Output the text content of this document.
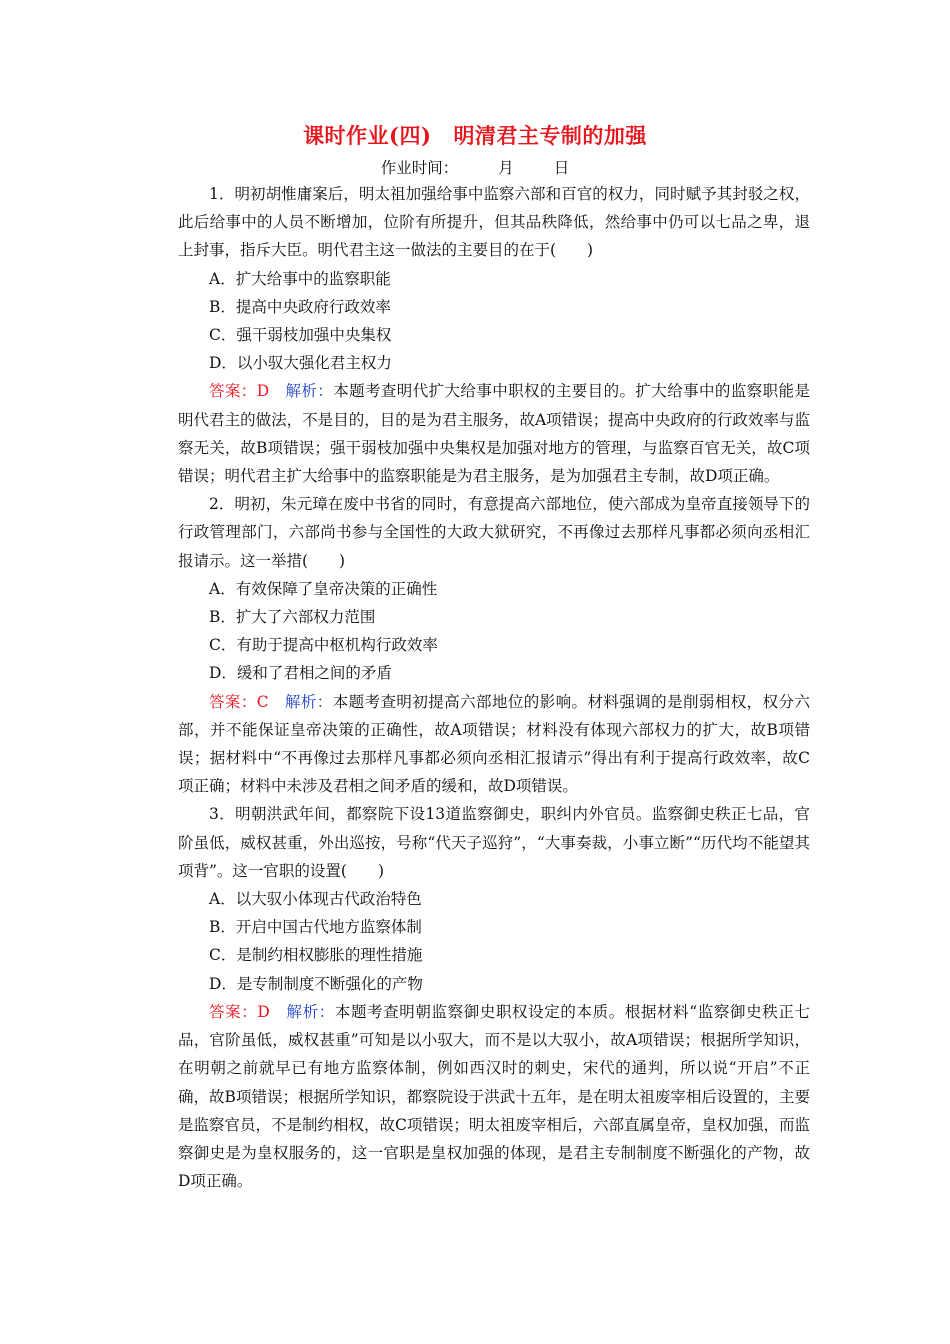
课时作业(四) 明清君主专制的加强
作业时间：	月	日

1．明初胡惟庸案后，明太祖加强给事中监察六部和百官的权力，同时赋予其封驳之权，此后给事中的人员不断增加，位阶有所提升，但其品秩降低，然给事中仍可以七品之卑，退上封事，指斥大臣。明代君主这一做法的主要目的在于(　　)

A．扩大给事中的监察职能

B．提高中央政府行政效率

C．强干弱枝加强中央集权

D．以小驭大强化君主权力

答案：D　 解析：本题考查明代扩大给事中职权的主要目的。扩大给事中的监察职能是明代君主的做法，不是目的，目的是为君主服务，故A项错误；提高中央政府的行政效率与监察无关，故B项错误；强干弱枝加强中央集权是加强对地方的管理，与监察百官无关，故C项错误；明代君主扩大给事中的监察职能是为君主服务，是为加强君主专制，故D项正确。

2．明初，朱元璋在废中书省的同时，有意提高六部地位，使六部成为皇帝直接领导下的行政管理部门，六部尚书参与全国性的大政大狱研究，不再像过去那样凡事都必须向丞相汇报请示。这一举措(　　)

A．有效保障了皇帝决策的正确性

B．扩大了六部权力范围

C．有助于提高中枢机构行政效率

D．缓和了君相之间的矛盾

答案：C　 解析：本题考查明初提高六部地位的影响。材料强调的是削弱相权，权分六部，并不能保证皇帝决策的正确性，故A项错误；材料没有体现六部权力的扩大，故B项错误；据材料中“不再像过去那样凡事都必须向丞相汇报请示”得出有利于提高行政效率，故C项正确；材料中未涉及君相之间矛盾的缓和，故D项错误。

3．明朝洪武年间，都察院下设13道监察御史，职纠内外官员。监察御史秩正七品，官阶虽低，威权甚重，外出巡按，号称“代天子巡狩”，“大事奏裁，小事立断”“历代均不能望其项背”。这一官职的设置(　　)

A．以大驭小体现古代政治特色

B．开启中国古代地方监察体制

C．是制约相权膨胀的理性措施

D．是专制制度不断强化的产物

答案：D　 解析：本题考查明朝监察御史职权设定的本质。根据材料“监察御史秩正七品，官阶虽低，威权甚重”可知是以小驭大，而不是以大驭小，故A项错误；根据所学知识，在明朝之前就早已有地方监察体制，例如西汉时的刺史，宋代的通判，所以说“开启”不正确，故B项错误；根据所学知识，都察院设于洪武十五年，是在明太祖废宰相后设置的，主要是监察官员，不是制约相权，故C项错误；明太祖废宰相后，六部直属皇帝，皇权加强，而监察御史是为皇权服务的，这一官职是皇权加强的体现，是君主专制制度不断强化的产物，故D项正确。
